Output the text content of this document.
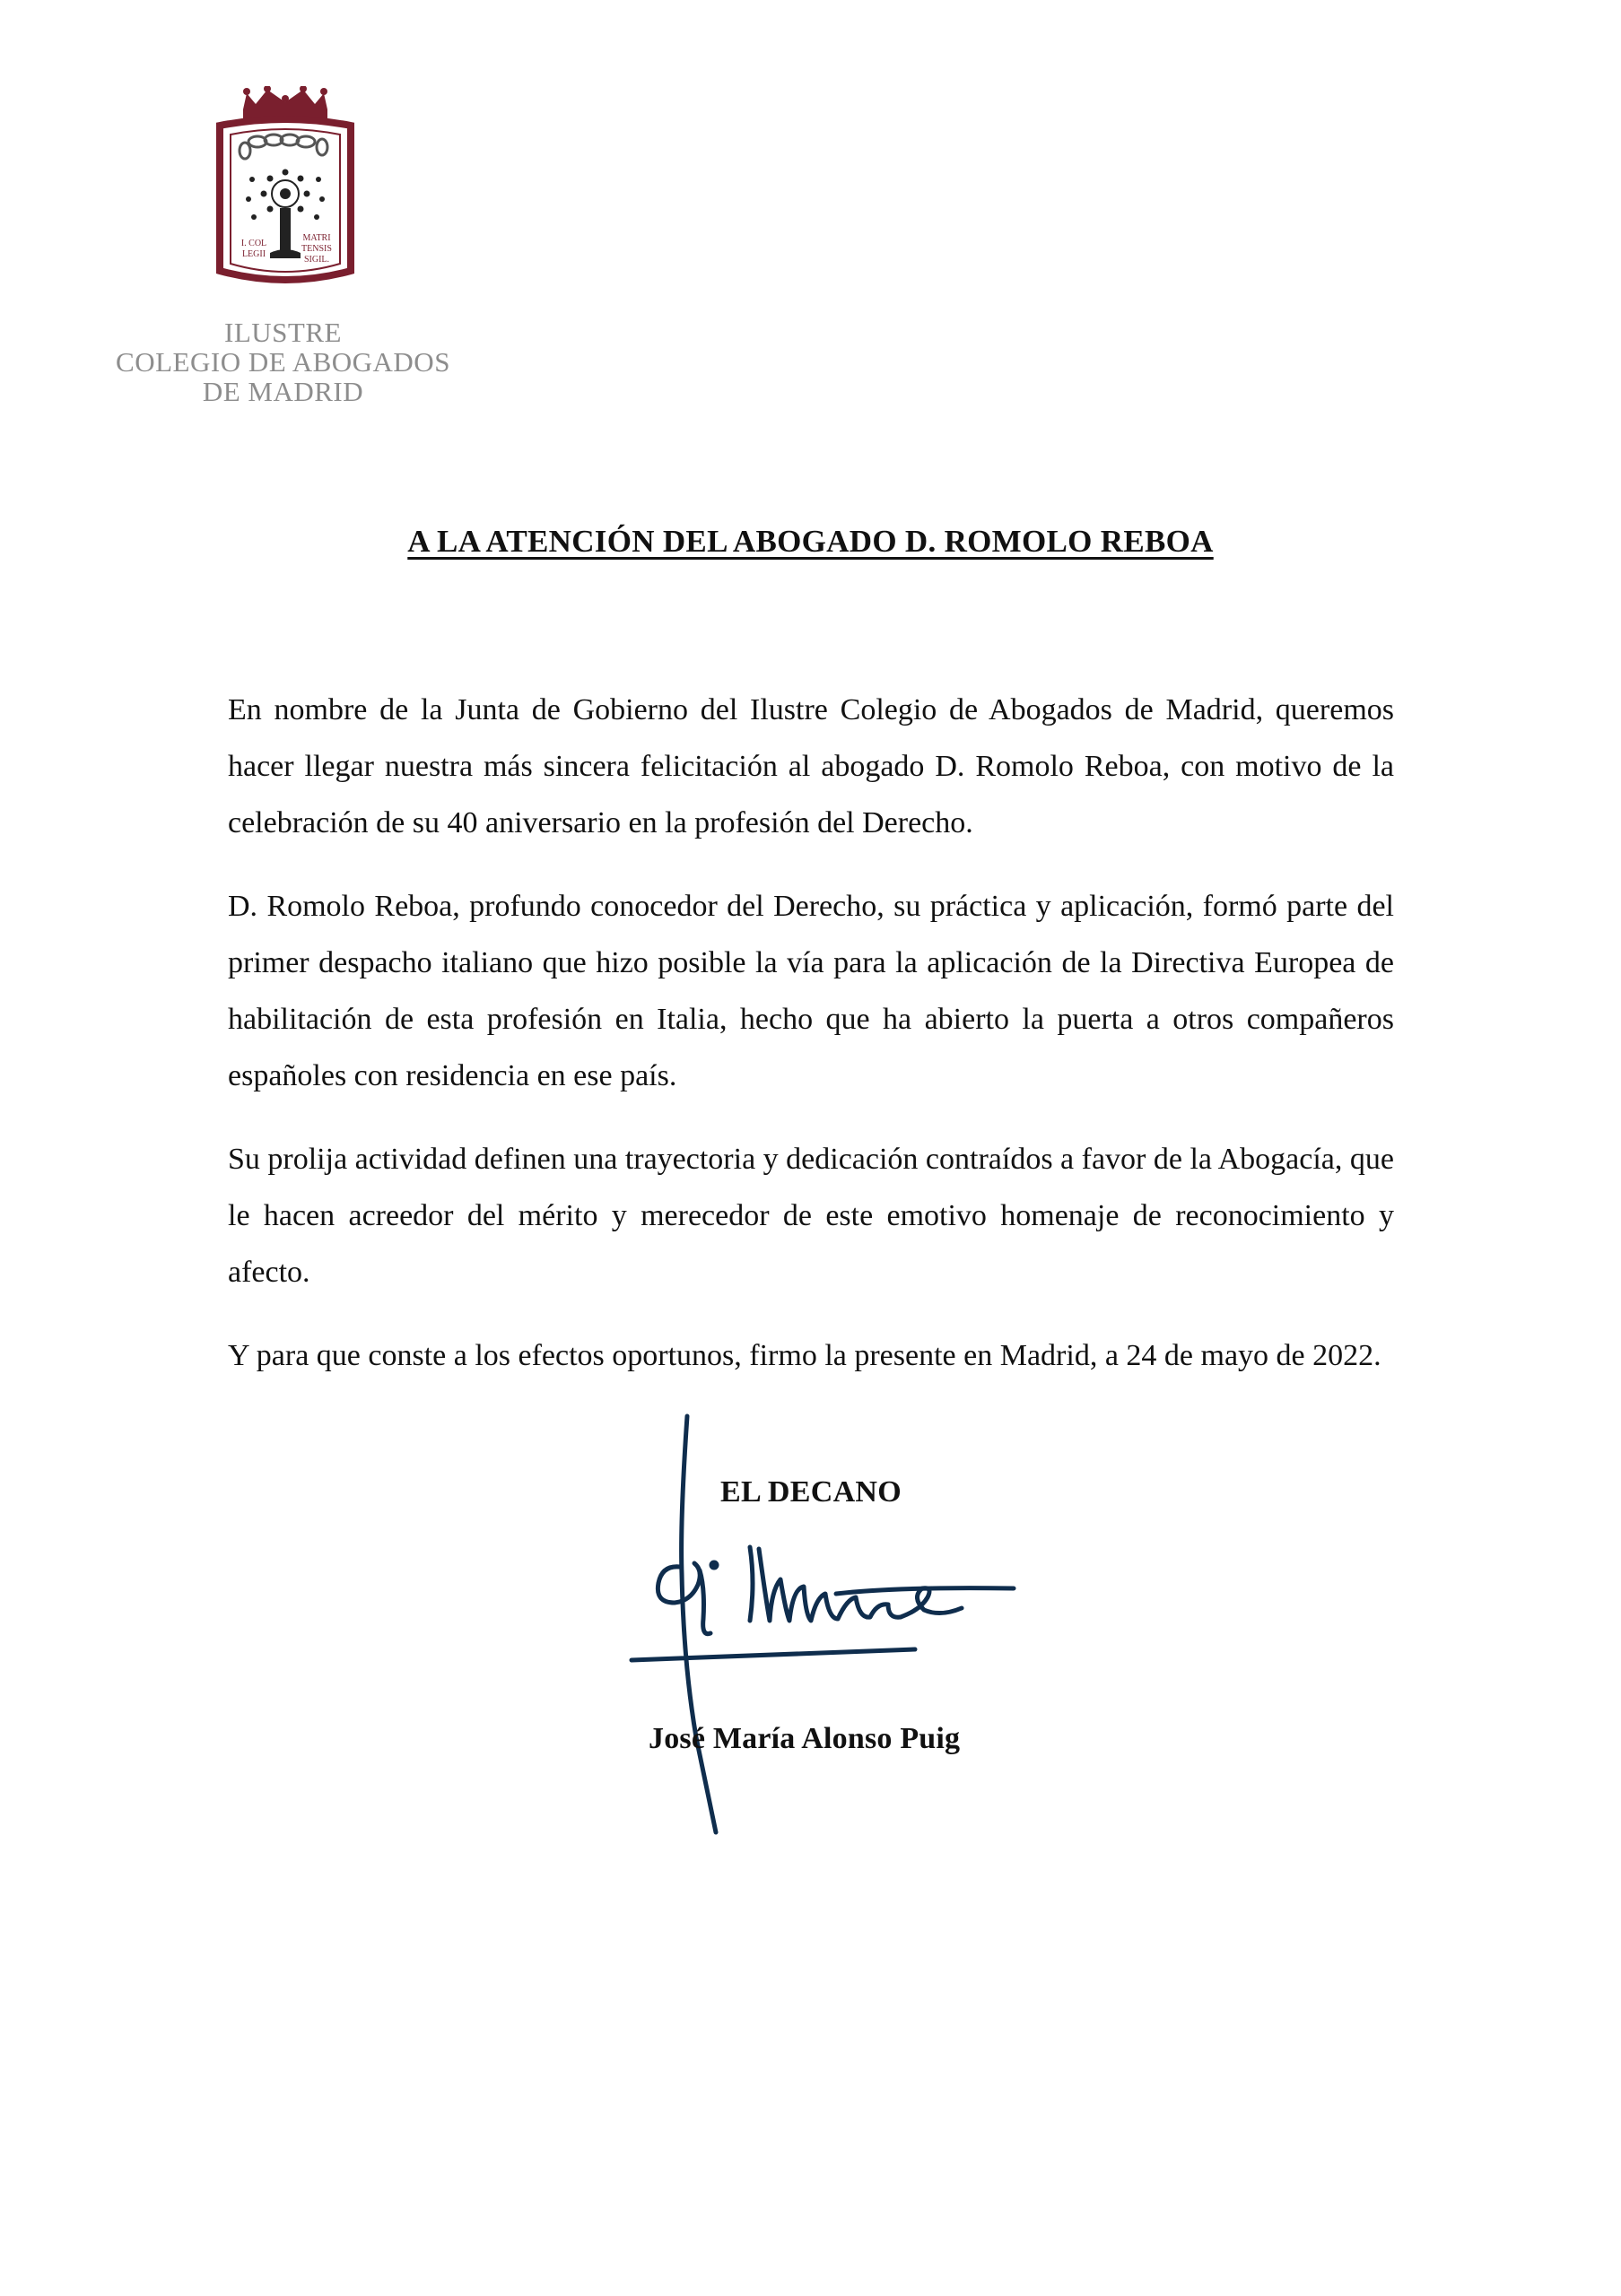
I. COL
LEGII
MATRI
TENSIS
SIGIL.
ILUSTRE
COLEGIO DE ABOGADOS
DE MADRID
A LA ATENCIÓN DEL ABOGADO D. ROMOLO REBOA

En nombre de la Junta de Gobierno del Ilustre Colegio de Abogados de Madrid, queremos hacer llegar nuestra más sincera felicitación al abogado D. Romolo Reboa, con motivo de la celebración de su 40 aniversario en la profesión del Derecho.

D. Romolo Reboa, profundo conocedor del Derecho, su práctica y aplicación, formó parte del primer despacho italiano que hizo posible la vía para la aplicación de la Directiva Europea de habilitación de esta profesión en Italia, hecho que ha abierto la puerta a otros compañeros españoles con residencia en ese país.

Su prolija actividad definen una trayectoria y dedicación contraídos a favor de la Abogacía, que le hacen acreedor del mérito y merecedor de este emotivo homenaje de reconocimiento y afecto.

Y para que conste a los efectos oportunos, firmo la presente en Madrid, a 24 de mayo de 2022.

EL DECANO
José María Alonso Puig
